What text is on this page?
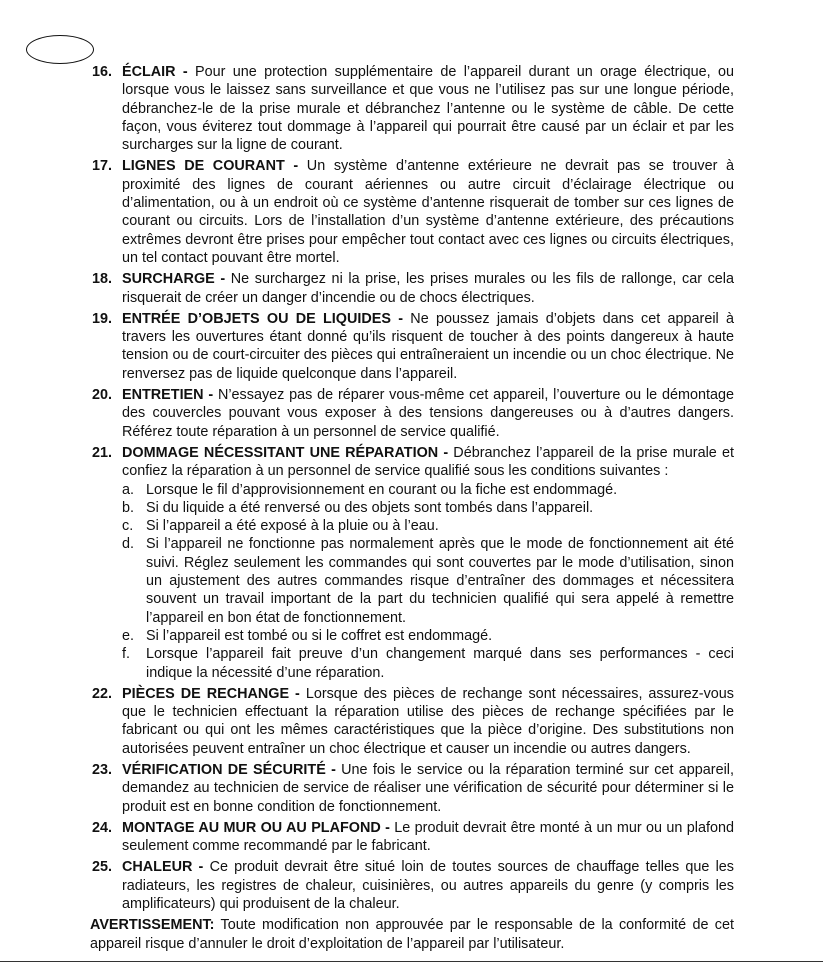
16. ÉCLAIR - Pour une protection supplémentaire de l’appareil durant un orage électrique, ou lorsque vous le laissez sans surveillance et que vous ne l’utilisez pas sur une longue période, débranchez-le de la prise murale et débranchez l’antenne ou le système de câble. De cette façon, vous éviterez tout dommage à l’appareil qui pourrait être causé par un éclair et par les surcharges sur la ligne de courant.
17. LIGNES DE COURANT - Un système d’antenne extérieure ne devrait pas se trouver à proximité des lignes de courant aériennes ou autre circuit d’éclairage électrique ou d’alimentation, ou à un endroit où ce système d’antenne risquerait de tomber sur ces lignes de courant ou circuits. Lors de l’installation d’un système d’antenne extérieure, des précautions extrêmes devront être prises pour empêcher tout contact avec ces lignes ou circuits électriques, un tel contact pouvant être mortel.
18. SURCHARGE - Ne surchargez ni la prise, les prises murales ou les fils de rallonge, car cela risquerait de créer un danger d’incendie ou de chocs électriques.
19. ENTRÉE D’OBJETS OU DE LIQUIDES - Ne poussez jamais d’objets dans cet appareil à travers les ouvertures étant donné qu’ils risquent de toucher à des points dangereux à haute tension ou de court-circuiter des pièces qui entraîneraient un incendie ou un choc électrique. Ne renversez pas de liquide quelconque dans l’appareil.
20. ENTRETIEN - N’essayez pas de réparer vous-même cet appareil, l’ouverture ou le démontage des couvercles pouvant vous exposer à des tensions dangereuses ou à d’autres dangers. Référez toute réparation à un personnel de service qualifié.
21. DOMMAGE NÉCESSITANT UNE RÉPARATION - Débranchez l’appareil de la prise murale et confiez la réparation à un personnel de service qualifié sous les conditions suivantes :
a. Lorsque le fil d’approvisionnement en courant ou la fiche est endommagé.
b. Si du liquide a été renversé ou des objets sont tombés dans l’appareil.
c. Si l’appareil a été exposé à la pluie ou à l’eau.
d. Si l’appareil ne fonctionne pas normalement après que le mode de fonctionnement ait été suivi. Réglez seulement les commandes qui sont couvertes par le mode d’utilisation, sinon un ajustement des autres commandes risque d’entraîner des dommages et nécessitera souvent un travail important de la part du technicien qualifié qui sera appelé à remettre l’appareil en bon état de fonctionnement.
e. Si l’appareil est tombé ou si le coffret est endommagé.
f. Lorsque l’appareil fait preuve d’un changement marqué dans ses performances - ceci indique la nécessité d’une réparation.
22. PIÈCES DE RECHANGE - Lorsque des pièces de rechange sont nécessaires, assurez-vous que le technicien effectuant la réparation utilise des pièces de rechange spécifiées par le fabricant ou qui ont les mêmes caractéristiques que la pièce d’origine. Des substitutions non autorisées peuvent entraîner un choc électrique et causer un incendie ou autres dangers.
23. VÉRIFICATION DE SÉCURITÉ - Une fois le service ou la réparation terminé sur cet appareil, demandez au technicien de service de réaliser une vérification de sécurité pour déterminer si le produit est en bonne condition de fonctionnement.
24. MONTAGE AU MUR OU AU PLAFOND - Le produit devrait être monté à un mur ou un plafond seulement comme recommandé par le fabricant.
25. CHALEUR - Ce produit devrait être situé loin de toutes sources de chauffage telles que les radiateurs, les registres de chaleur, cuisinières, ou autres appareils du genre (y compris les amplificateurs) qui produisent de la chaleur.
AVERTISSEMENT: Toute modification non approuvée par le responsable de la conformité de cet appareil risque d’annuler le droit d’exploitation de l’appareil par l’utilisateur.
